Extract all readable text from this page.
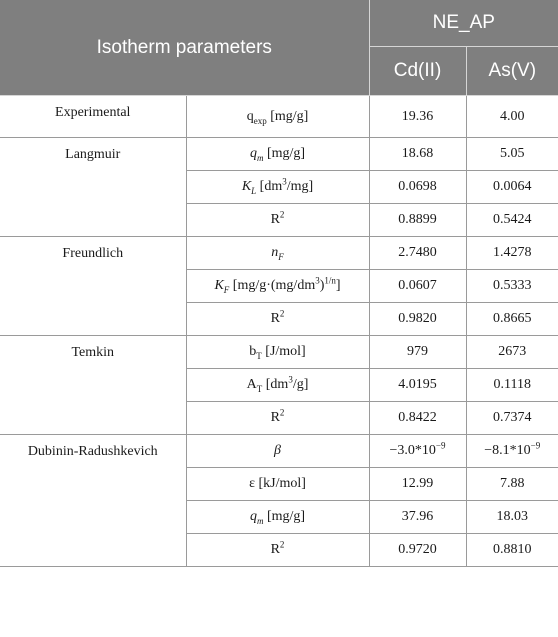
Isotherm parameters		NE_AP	
		Cd(II)	As(V)
Experimental	$q_{exp}$ [mg/g]	19.36	4.00
Langmuir	$q_m$ [mg/g]	18.68	5.05
	$K_L$ $[dm^3/mg]$	0.0698	0.0064
	$R^2$	0.8899	0.5424
Freundlich	$n_F$	2.7480	1.4278
	$K_F$ $[mg/g\cdot(mg/dm^3)^{1/n}]$	0.0607	0.5333
	$R^2$	0.9820	0.8665
Temkin	$b_T$ [J/mol]	979	2673
	$A_T$ $[dm^3/g]$	4.0195	0.1118
	$R^2$	0.8422	0.7374
Dubinin-Radushkevich	β	$-3.0*10^{-9}$	$-8.1*10^{-9}$
	ε [kJ/mol]	12.99	7.88
	$q_m$ [mg/g]	37.96	18.03
	$R^2$	0.9720	0.8810
